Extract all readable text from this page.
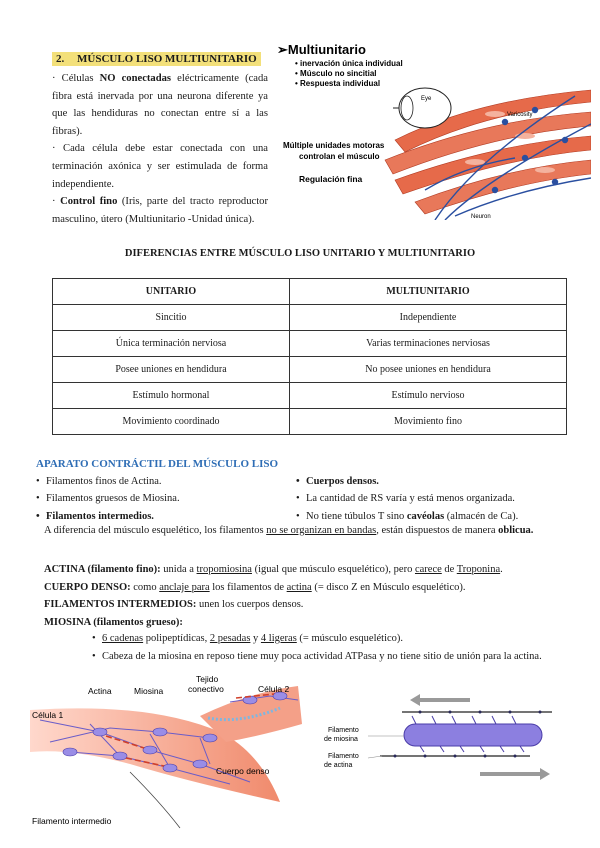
2. MÚSCULO LISO MULTIUNITARIO
· Células NO conectadas eléctricamente (cada fibra está inervada por una neurona diferente ya que las hendiduras no conectan entre sí a las fibras).
· Cada célula debe estar conectada con una terminación axónica y ser estimulada de forma independiente.
· Control fino (Iris, parte del tracto reproductor masculino, útero (Multiunitario -Unidad única).
Eye
Varicosity
Neuron
➢Multiunitario
• inervación única individual
• Músculo no sincitial
• Respuesta individual
Múltiple unidades motoras
controlan el músculo
Regulación fina
DIFERENCIAS ENTRE MÚSCULO LISO UNITARIO Y MULTIUNITARIO
UNITARIO	MULTIUNITARIO
Sincitio	Independiente
Única terminación nerviosa	Varias terminaciones nerviosas
Posee uniones en hendidura	No posee uniones en hendidura
Estímulo hormonal	Estímulo nervioso
Movimiento coordinado	Movimiento fino
APARATO CONTRÁCTIL DEL MÚSCULO LISO
• Filamentos finos de Actina.
• Filamentos gruesos de Miosina.
• Filamentos intermedios.
• Cuerpos densos.
• La cantidad de RS varía y está menos organizada.
• No tiene túbulos T sino cavéolas (almacén de Ca).
A diferencia del músculo esquelético, los filamentos no se organizan en bandas, están dispuestos de manera oblicua.
ACTINA (filamento fino): unida a tropomiosina (igual que músculo esquelético), pero carece de Troponina.
CUERPO DENSO: como anclaje para los filamentos de actina (= disco Z en Músculo esquelético).
FILAMENTOS INTERMEDIOS: unen los cuerpos densos.
MIOSINA (filamentos grueso):
• 6 cadenas polipeptídicas, 2 pesadas y 4 ligeras (= músculo esquelético).
• Cabeza de la miosina en reposo tiene muy poca actividad ATPasa y no tiene sitio de unión para la actina.
Actina	Miosina
Tejido
conectivo	Célula 2
Célula 1
Cuerpo denso
Filamento intermedio
Filamento
de miosina
Filamento
de actina
